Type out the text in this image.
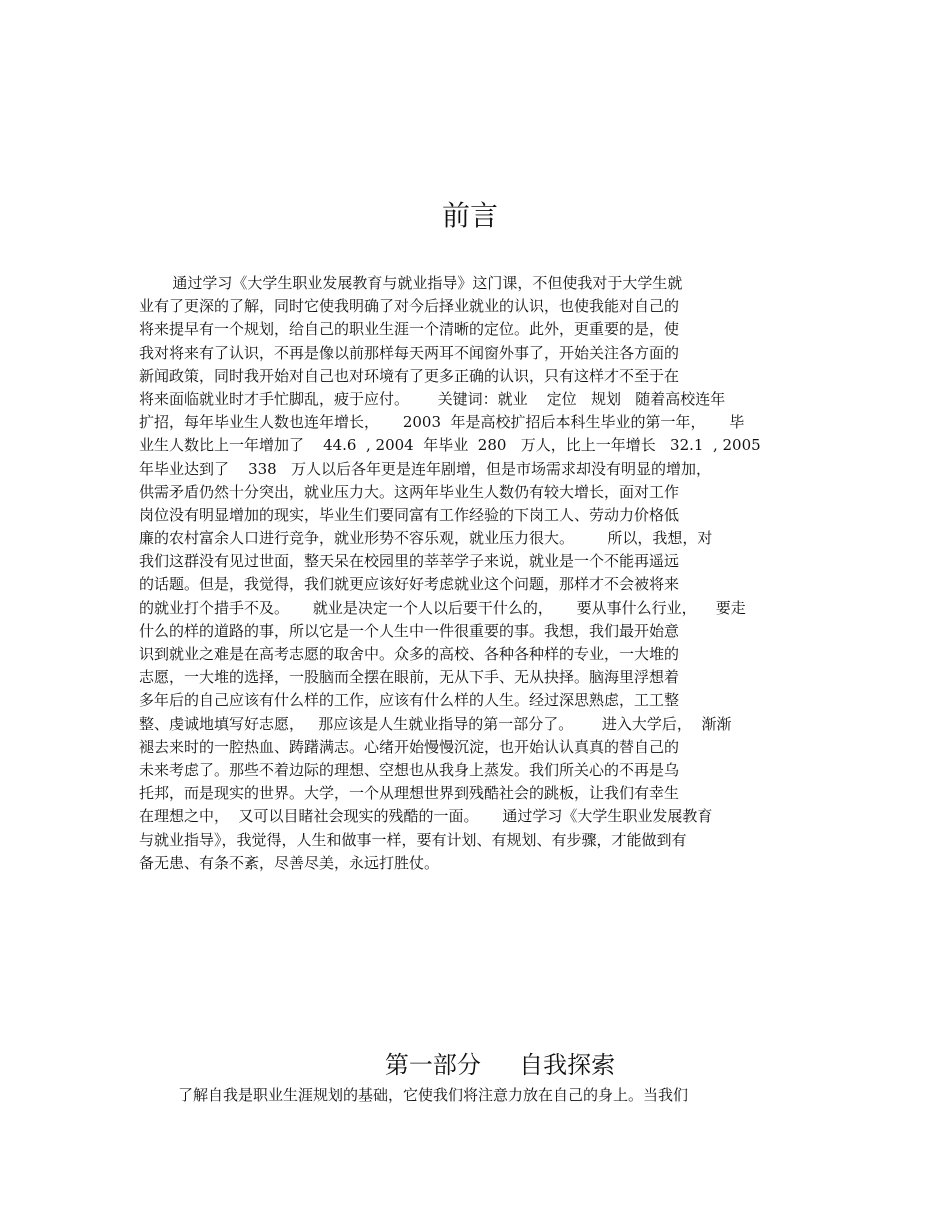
前言
通过学习《大学生职业发展教育与就业指导》这门课，不但使我对于大学生就
业有了更深的了解，同时它使我明确了对今后择业就业的认识，也使我能对自己的
将来提早有一个规划，给自己的职业生涯一个清晰的定位。此外，更重要的是，使
我对将来有了认识，不再是像以前那样每天两耳不闻窗外事了，开始关注各方面的
新闻政策，同时我开始对自己也对环境有了更多正确的认识，只有这样才不至于在
将来面临就业时才手忙脚乱，疲于应付。      关键词：就业    定位   规划   随着高校连年
扩招，每年毕业生人数也连年增长，     2003  年是高校扩招后本科生毕业的第一年，     毕
业生人数比上一年增加了    44.6  , 2004  年毕业  280   万人，比上一年增长   32.1  , 2005
年毕业达到了    338   万人以后各年更是连年剧增，但是市场需求却没有明显的增加，
供需矛盾仍然十分突出，就业压力大。这两年毕业生人数仍有较大增长，面对工作
岗位没有明显增加的现实，毕业生们要同富有工作经验的下岗工人、劳动力价格低
廉的农村富余人口进行竞争，就业形势不容乐观，就业压力很大。       所以，我想，对
我们这群没有见过世面，整天呆在校园里的莘莘学子来说，就业是一个不能再遥远
的话题。但是，我觉得，我们就更应该好好考虑就业这个问题，那样才不会被将来
的就业打个措手不及。     就业是决定一个人以后要干什么的，     要从事什么行业，    要走
什么的样的道路的事，所以它是一个人生中一件很重要的事。我想，我们最开始意
识到就业之难是在高考志愿的取舍中。众多的高校、各种各种样的专业，一大堆的
志愿，一大堆的选择，一股脑而全摆在眼前，无从下手、无从抉择。脑海里浮想着
多年后的自己应该有什么样的工作，应该有什么样的人生。经过深思熟虑，工工整
整、虔诚地填写好志愿，   那应该是人生就业指导的第一部分了。      进入大学后，  渐渐
褪去来时的一腔热血、踌躇满志。心绪开始慢慢沉淀，也开始认认真真的替自己的
未来考虑了。那些不着边际的理想、空想也从我身上蒸发。我们所关心的不再是乌
托邦，而是现实的世界。大学，一个从理想世界到残酷社会的跳板，让我们有幸生
在理想之中，  又可以目睹社会现实的残酷的一面。     通过学习《大学生职业发展教育
与就业指导》，我觉得，人生和做事一样，要有计划、有规划、有步骤，才能做到有
备无患、有条不紊，尽善尽美，永远打胜仗。
第一部分     自我探索
了解自我是职业生涯规划的基础，它使我们将注意力放在自己的身上。当我们
